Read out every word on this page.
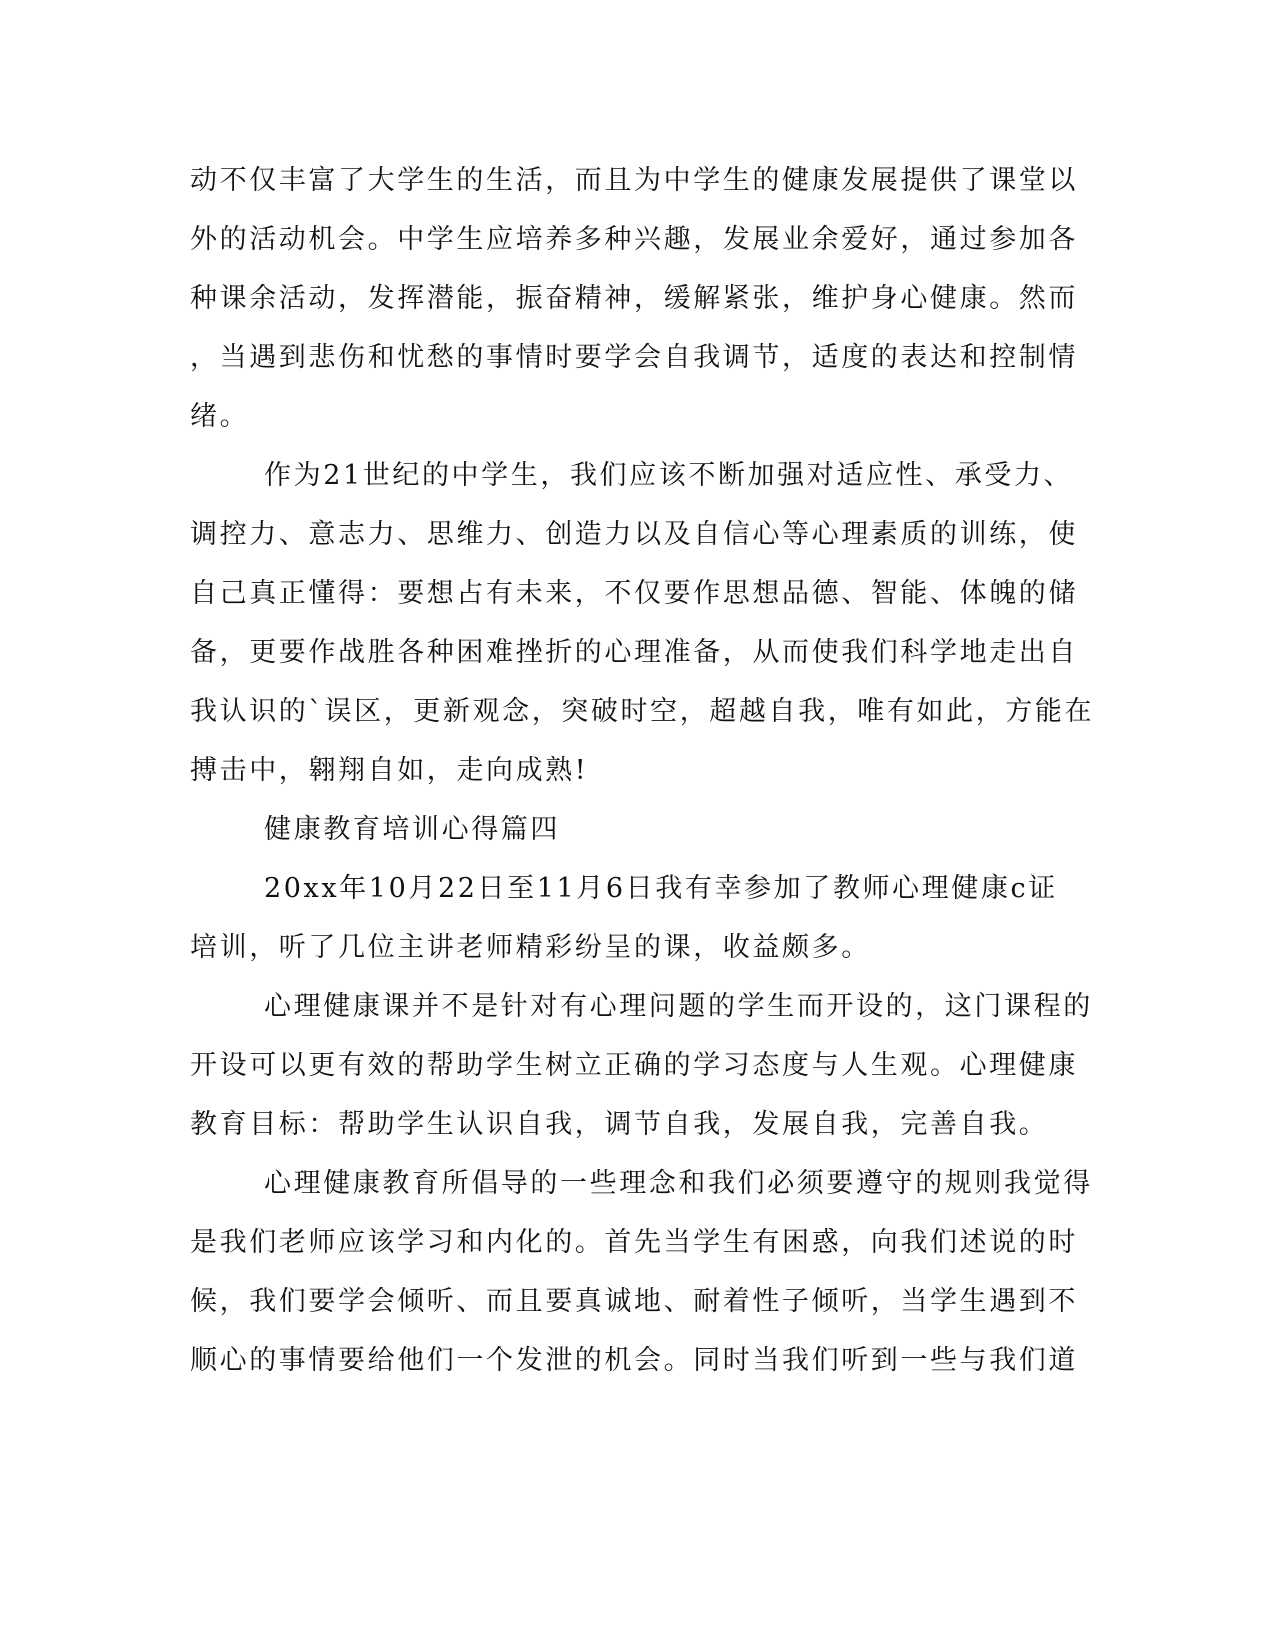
动不仅丰富了大学生的生活，而且为中学生的健康发展提供了课堂以
外的活动机会。中学生应培养多种兴趣，发展业余爱好，通过参加各
种课余活动，发挥潜能，振奋精神，缓解紧张，维护身心健康。然而
，当遇到悲伤和忧愁的事情时要学会自我调节，适度的表达和控制情
绪。
作为21世纪的中学生，我们应该不断加强对适应性、承受力、
调控力、意志力、思维力、创造力以及自信心等心理素质的训练，使
自己真正懂得：要想占有未来，不仅要作思想品德、智能、体魄的储
备，更要作战胜各种困难挫折的心理准备，从而使我们科学地走出自
我认识的`误区，更新观念，突破时空，超越自我，唯有如此，方能在
搏击中，翱翔自如，走向成熟!
健康教育培训心得篇四
20xx年10月22日至11月6日我有幸参加了教师心理健康c证
培训，听了几位主讲老师精彩纷呈的课，收益颇多。
心理健康课并不是针对有心理问题的学生而开设的，这门课程的
开设可以更有效的帮助学生树立正确的学习态度与人生观。心理健康
教育目标：帮助学生认识自我，调节自我，发展自我，完善自我。
心理健康教育所倡导的一些理念和我们必须要遵守的规则我觉得
是我们老师应该学习和内化的。首先当学生有困惑，向我们述说的时
候，我们要学会倾听、而且要真诚地、耐着性子倾听，当学生遇到不
顺心的事情要给他们一个发泄的机会。同时当我们听到一些与我们道
